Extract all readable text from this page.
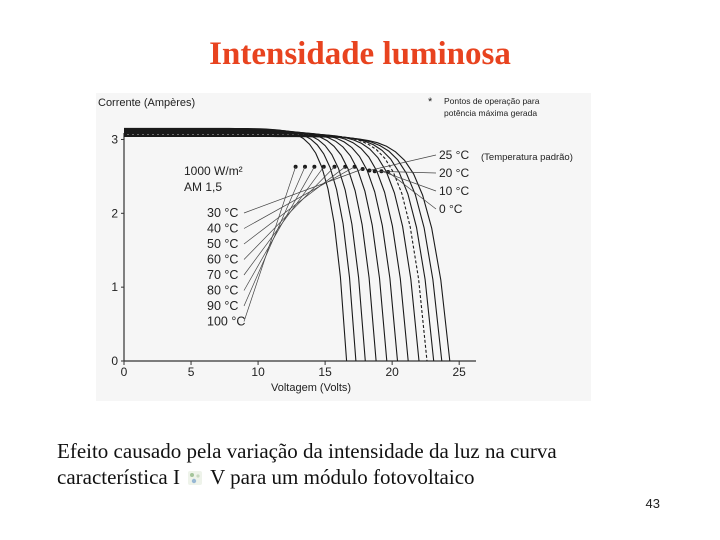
Intensidade luminosa
Corrente (Ampères)
Voltagem (Volts)
* Pontos de operação para
potência máxima gerada
1000 W/m²
AM 1,5
(Temperatura padrão)
0	5	10	15	20	25
0
1
2
3
100 °C
90 °C
80 °C
70 °C
60 °C
50 °C
40 °C
30 °C
25 °C
20 °C
10 °C
0 °C
Efeito causado pela variação da intensidade da luz na curva
característica I V para um módulo fotovoltaico
43
